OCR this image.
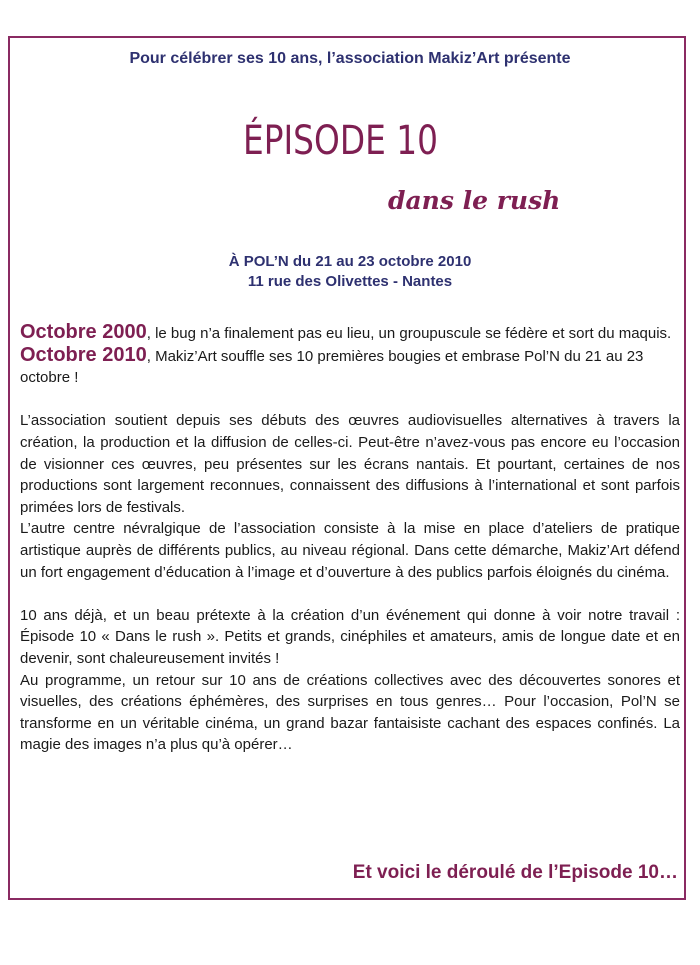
Pour célébrer ses 10 ans, l’association Makiz’Art présente
ÉPISODE 10
dans le rush
À POL’N du 21 au 23 octobre 2010
11 rue des Olivettes - Nantes

Octobre 2000, le bug n’a finalement pas eu lieu, un groupuscule se fédère et sort du maquis.

Octobre 2010, Makiz’Art souffle ses 10 premières bougies et embrase Pol’N du 21 au 23 octobre !

L’association soutient depuis ses débuts des œuvres audiovisuelles alternatives à travers la création, la production et la diffusion de celles-ci. Peut-être n’avez-vous pas encore eu l’occasion de visionner ces œuvres, peu présentes sur les écrans nantais. Et pourtant, certaines de nos productions sont largement reconnues, connaissent des diffusions à l’international et sont parfois primées lors de festivals.

L’autre centre névralgique de l’association consiste à la mise en place d’ateliers de pratique artistique auprès de différents publics, au niveau régional. Dans cette démarche, Makiz’Art défend un fort engagement d’éducation à l’image et d’ouverture à des publics parfois éloignés du cinéma.

10 ans déjà, et un beau prétexte à la création d’un événement qui donne à voir notre travail : Épisode 10 « Dans le rush ». Petits et grands, cinéphiles et amateurs, amis de longue date et en devenir, sont chaleureusement invités !

Au programme, un retour sur 10 ans de créations collectives avec des découvertes sonores et visuelles, des créations éphémères, des surprises en tous genres… Pour l’occasion, Pol’N se transforme en un véritable cinéma, un grand bazar fantaisiste cachant des espaces confinés. La magie des images n’a plus qu’à opérer…

Et voici le déroulé de l’Episode 10…
